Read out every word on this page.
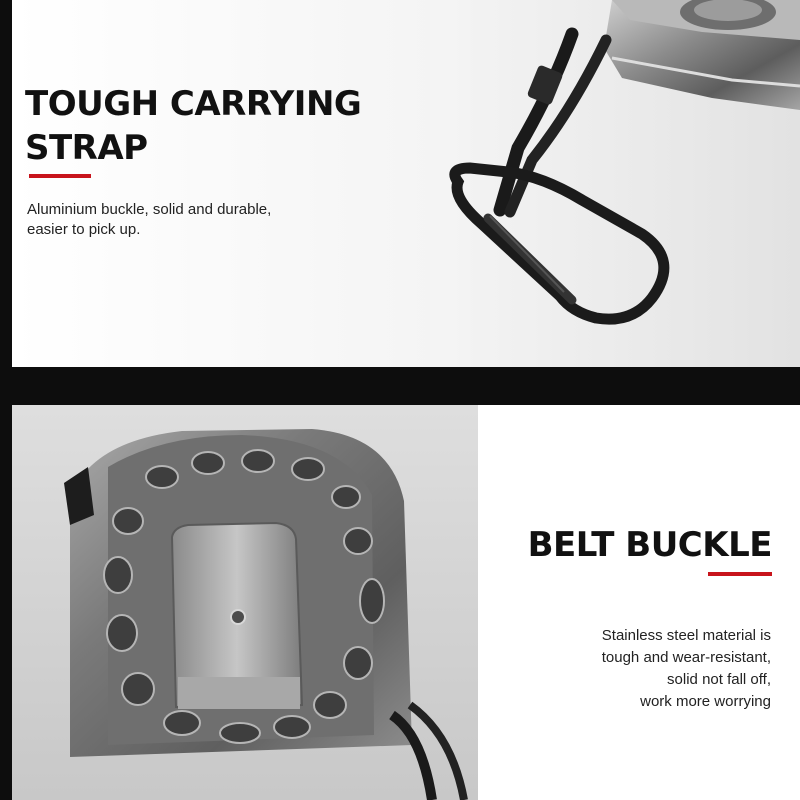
TOUGH CARRYING
STRAP

Aluminium buckle, solid and durable,
easier to pick up.

BELT BUCKLE

Stainless steel material is
tough and wear-resistant,
solid not fall off,
work more worrying
